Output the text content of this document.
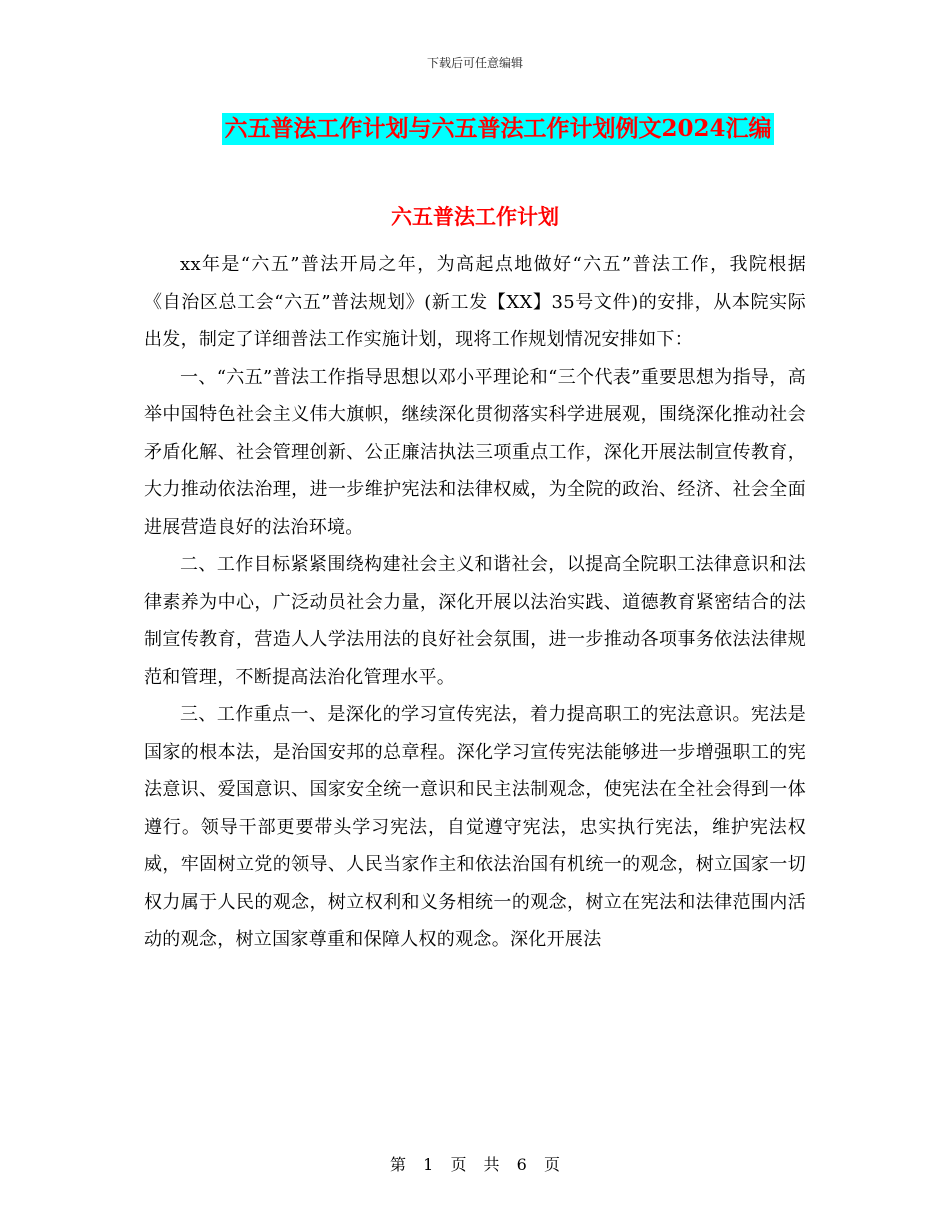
下载后可任意编辑
六五普法工作计划与六五普法工作计划例文2024汇编
六五普法工作计划

xx年是“六五”普法开局之年，为高起点地做好“六五”普法工作，我院根据《自治区总工会“六五”普法规划》(新工发【XX】35号文件)的安排，从本院实际出发，制定了详细普法工作实施计划，现将工作规划情况安排如下：

一、“六五”普法工作指导思想以邓小平理论和“三个代表”重要思想为指导，高举中国特色社会主义伟大旗帜，继续深化贯彻落实科学进展观，围绕深化推动社会矛盾化解、社会管理创新、公正廉洁执法三项重点工作，深化开展法制宣传教育，大力推动依法治理，进一步维护宪法和法律权威，为全院的政治、经济、社会全面进展营造良好的法治环境。

二、工作目标紧紧围绕构建社会主义和谐社会，以提高全院职工法律意识和法律素养为中心，广泛动员社会力量，深化开展以法治实践、道德教育紧密结合的法制宣传教育，营造人人学法用法的良好社会氛围，进一步推动各项事务依法法律规范和管理，不断提高法治化管理水平。

三、工作重点一、是深化的学习宣传宪法，着力提高职工的宪法意识。宪法是国家的根本法，是治国安邦的总章程。深化学习宣传宪法能够进一步增强职工的宪法意识、爱国意识、国家安全统一意识和民主法制观念，使宪法在全社会得到一体遵行。领导干部更要带头学习宪法，自觉遵守宪法，忠实执行宪法，维护宪法权威，牢固树立党的领导、人民当家作主和依法治国有机统一的观念，树立国家一切权力属于人民的观念，树立权利和义务相统一的观念，树立在宪法和法律范围内活动的观念，树立国家尊重和保障人权的观念。深化开展法

第 1 页 共 6 页
